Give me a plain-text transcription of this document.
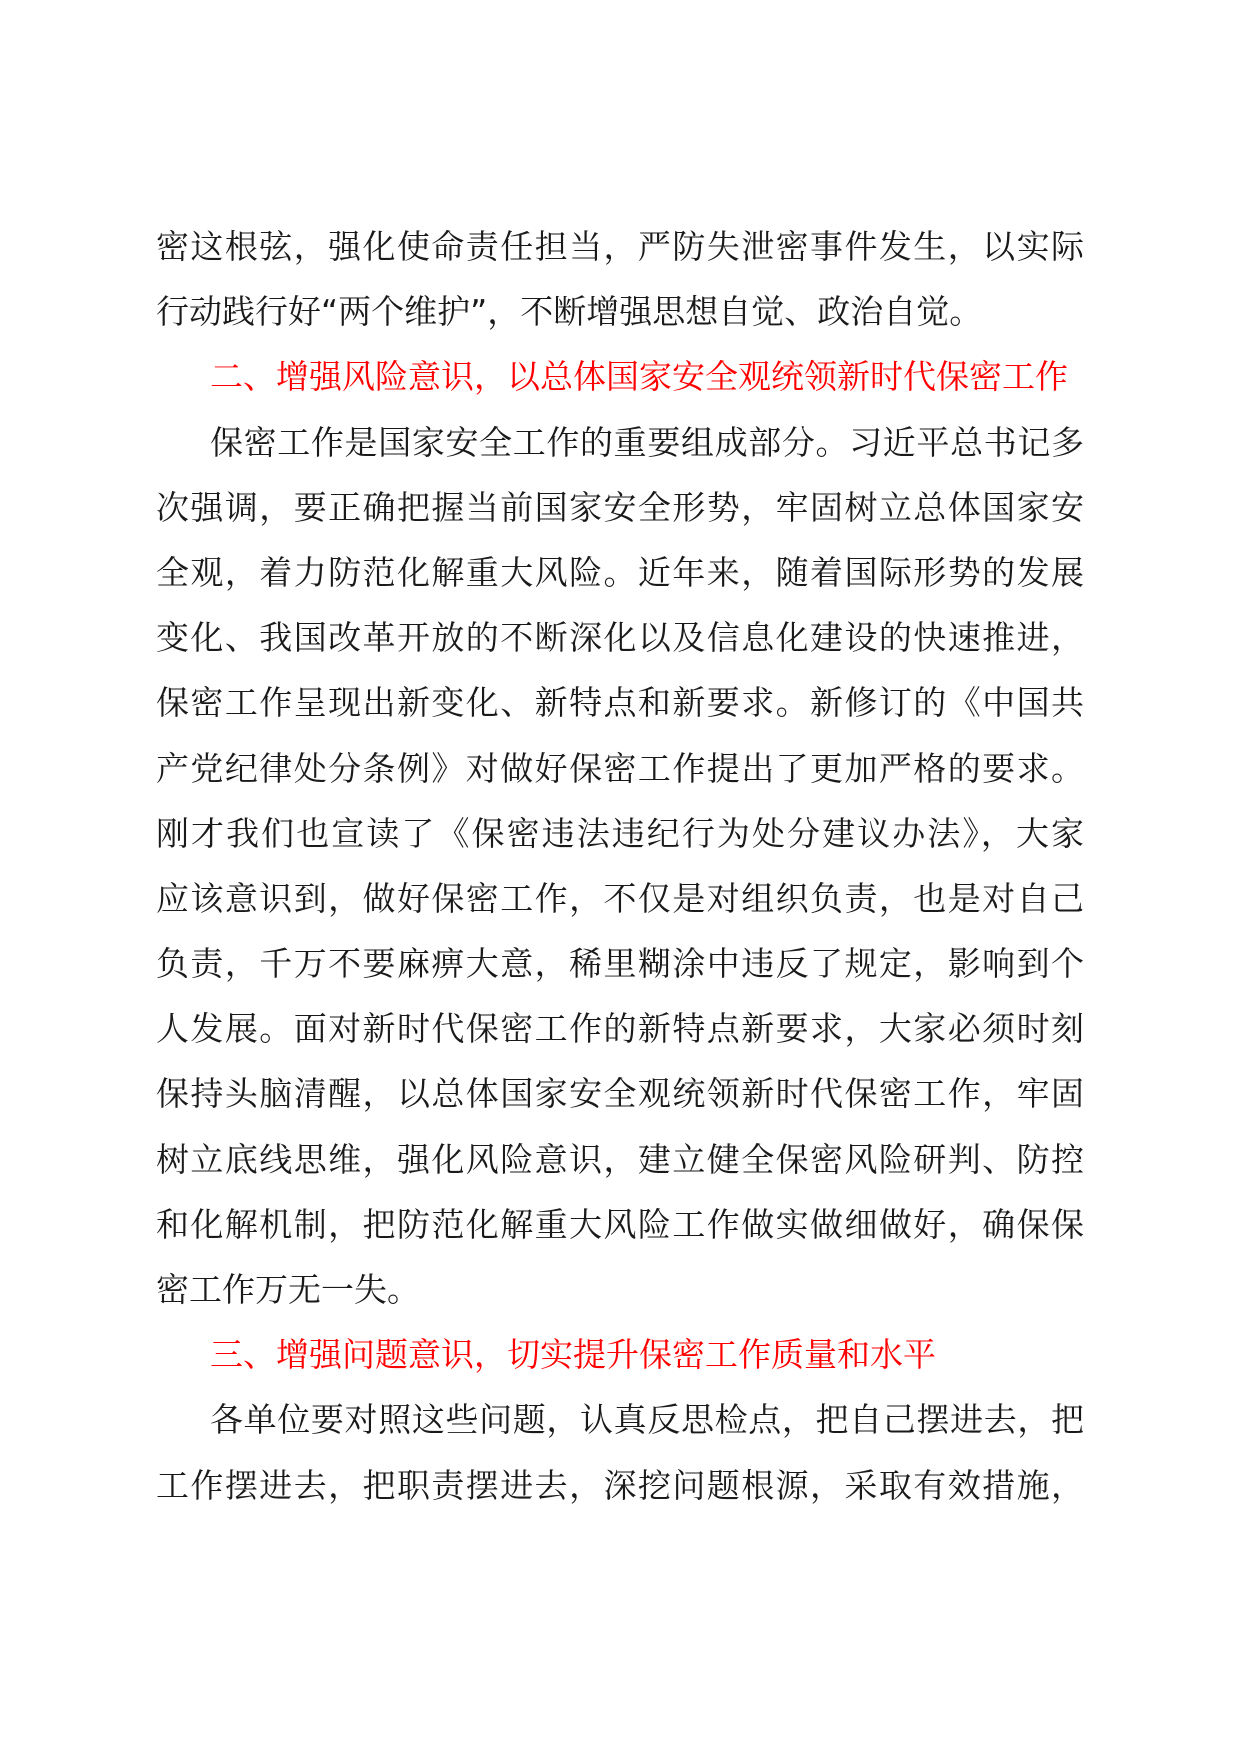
密这根弦，强化使命责任担当，严防失泄密事件发生，以实际
行动践行好“两个维护”，不断增强思想自觉、政治自觉。
二、增强风险意识，以总体国家安全观统领新时代保密工作
保密工作是国家安全工作的重要组成部分。习近平总书记多
次强调，要正确把握当前国家安全形势，牢固树立总体国家安
全观，着力防范化解重大风险。近年来，随着国际形势的发展
变化、我国改革开放的不断深化以及信息化建设的快速推进，
保密工作呈现出新变化、新特点和新要求。新修订的《中国共
产党纪律处分条例》对做好保密工作提出了更加严格的要求。
刚才我们也宣读了《保密违法违纪行为处分建议办法》，大家
应该意识到，做好保密工作，不仅是对组织负责，也是对自己
负责，千万不要麻痹大意，稀里糊涂中违反了规定，影响到个
人发展。面对新时代保密工作的新特点新要求，大家必须时刻
保持头脑清醒，以总体国家安全观统领新时代保密工作，牢固
树立底线思维，强化风险意识，建立健全保密风险研判、防控
和化解机制，把防范化解重大风险工作做实做细做好，确保保
密工作万无一失。
三、增强问题意识，切实提升保密工作质量和水平
各单位要对照这些问题，认真反思检点，把自己摆进去，把
工作摆进去，把职责摆进去，深挖问题根源，采取有效措施，
